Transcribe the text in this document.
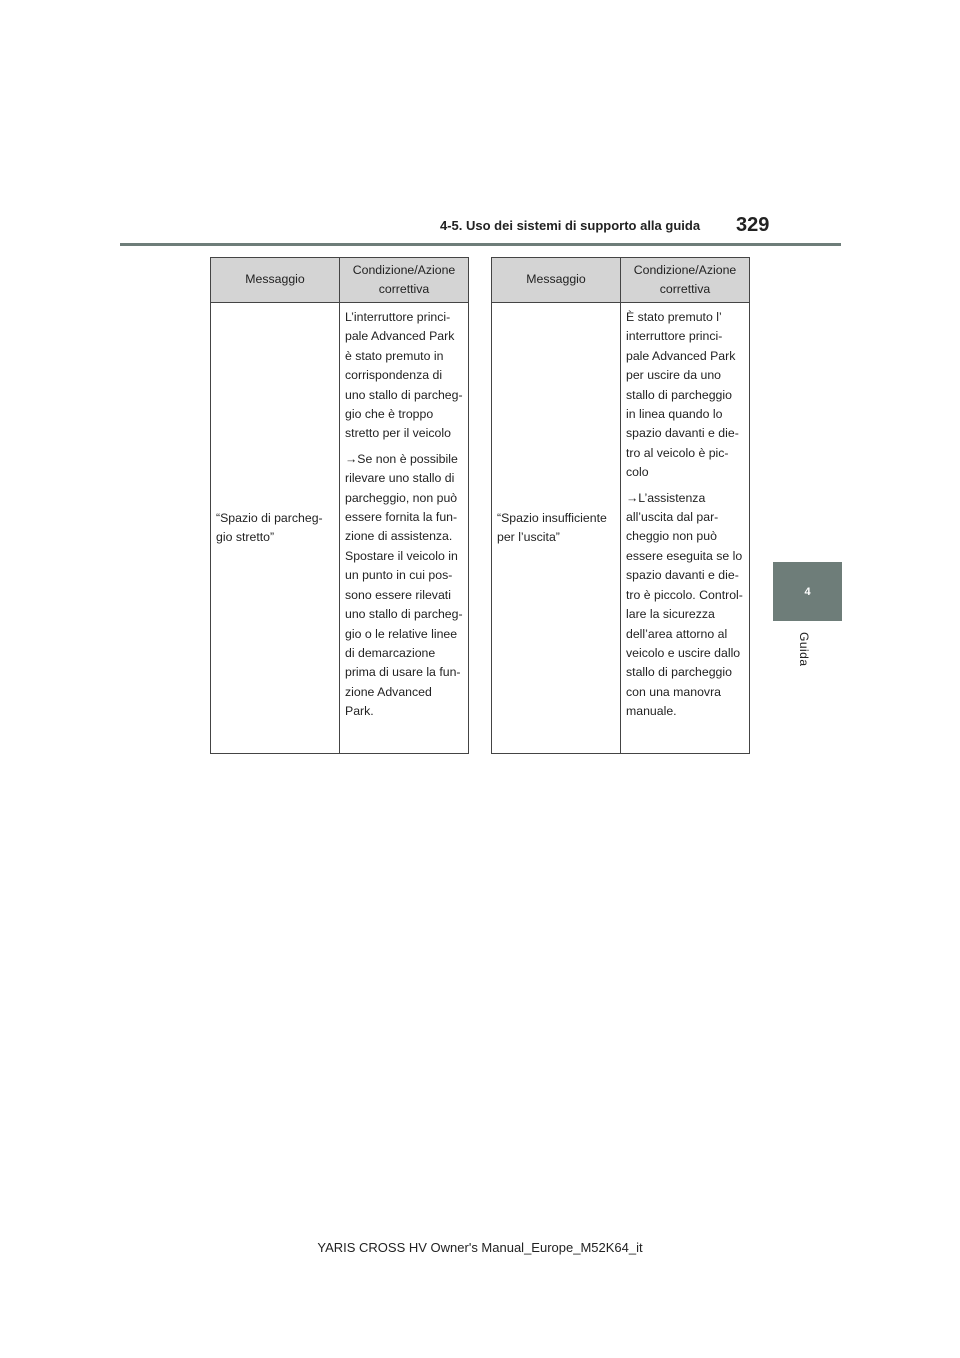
4-5. Uso dei sistemi di supporto alla guida 329
4
Guida
Messaggio	Condizione/Azione correttiva
“Spazio di parcheg-gio stretto”	L’interruttore princi-pale Advanced Park è stato premuto in corrispondenza di uno stallo di parcheg-gio che è troppo stretto per il veicolo

→Se non è possibile rilevare uno stallo di parcheggio, non può essere fornita la fun-zione di assistenza. Spostare il veicolo in un punto in cui pos-sono essere rilevati uno stallo di parcheg-gio o le relative linee di demarcazione prima di usare la fun-zione Advanced Park.

Messaggio	Condizione/Azione correttiva
“Spazio insufficiente per l’uscita”	È stato premuto l’ interruttore princi-pale Advanced Park per uscire da uno stallo di parcheggio in linea quando lo spazio davanti e die-tro al veicolo è pic-colo

→L’assistenza all’uscita dal par-cheggio non può essere eseguita se lo spazio davanti e die-tro è piccolo. Control-lare la sicurezza dell’area attorno al veicolo e uscire dallo stallo di parcheggio con una manovra manuale.

YARIS CROSS HV Owner's Manual_Europe_M52K64_it
